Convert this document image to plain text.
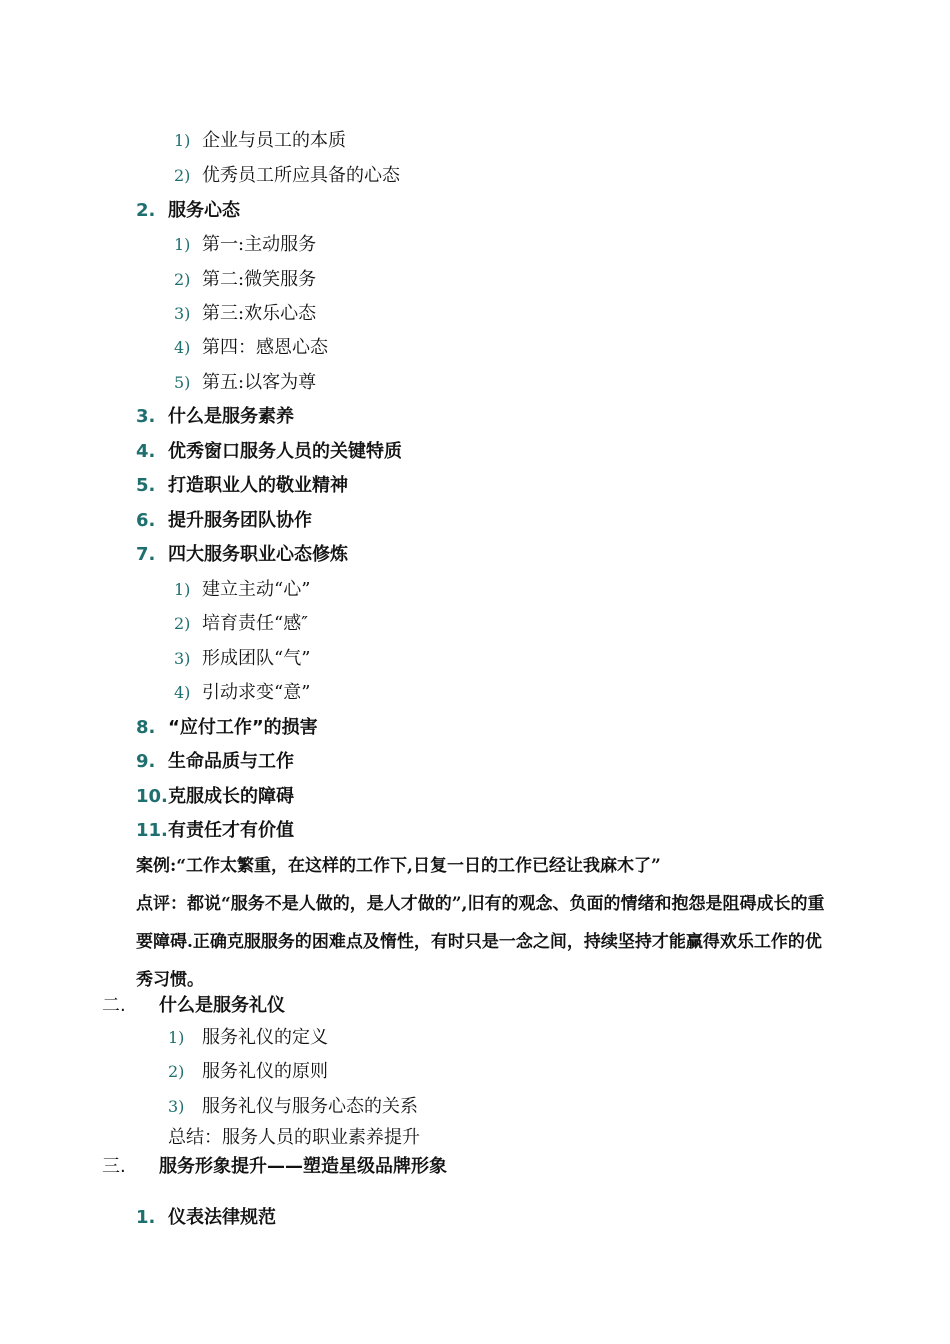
1) 企业与员工的本质
2) 优秀员工所应具备的心态
2. 服务心态
1) 第一:主动服务
2) 第二:微笑服务
3) 第三:欢乐心态
4) 第四：感恩心态
5) 第五:以客为尊
3. 什么是服务素养
4. 优秀窗口服务人员的关键特质
5. 打造职业人的敬业精神
6. 提升服务团队协作
7. 四大服务职业心态修炼
1) 建立主动“心”
2) 培育责任“感″
3) 形成团队“气”
4) 引动求变“意”
8. “应付工作”的损害
9. 生命品质与工作
10. 克服成长的障碍
11. 有责任才有价值

案例:“工作太繁重，在这样的工作下,日复一日的工作已经让我麻木了”

点评：都说“服务不是人做的，是人才做的”,旧有的观念、负面的情绪和抱怨是阻碍成长的重要障碍.正确克服服务的困难点及惰性，有时只是一念之间，持续坚持才能赢得欢乐工作的优秀习惯。

二. 什么是服务礼仪
1) 服务礼仪的定义
2) 服务礼仪的原则
3) 服务礼仪与服务心态的关系
总结：服务人员的职业素养提升
三. 服务形象提升——塑造星级品牌形象
1. 仪表法律规范
